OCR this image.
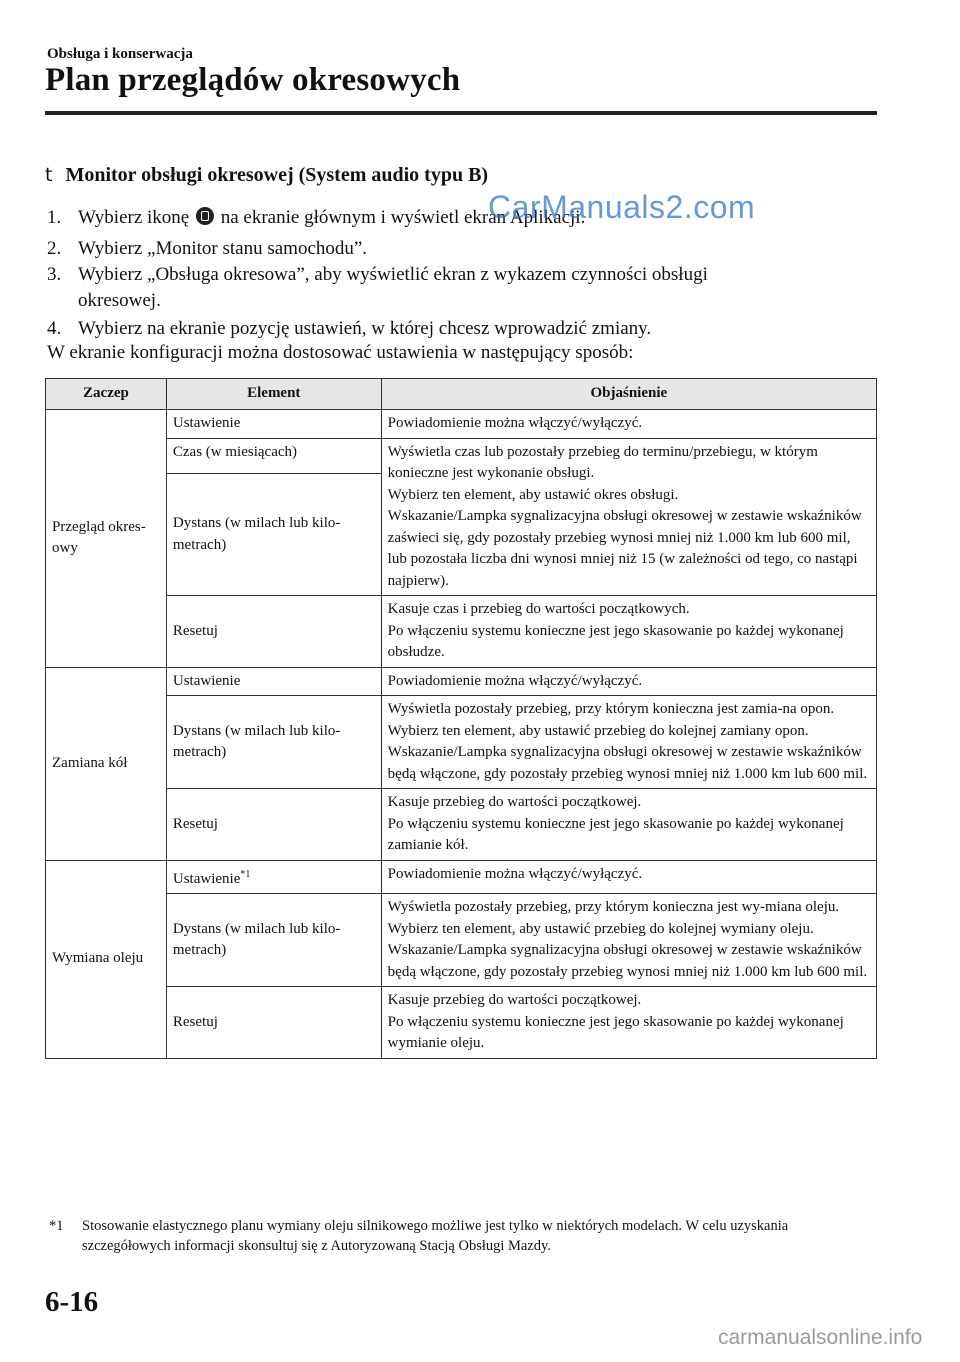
Obsługa i konserwacja
Plan przeglądów okresowych
t Monitor obsługi okresowej (System audio typu B)
1. Wybierz ikonę  na ekranie głównym i wyświetl ekran Aplikacji.
2. Wybierz „Monitor stanu samochodu”.
3. Wybierz „Obsługa okresowa”, aby wyświetlić ekran z wykazem czynności obsługi
okresowej.
4. Wybierz na ekranie pozycję ustawień, w której chcesz wprowadzić zmiany.
CarManuals2.com
W ekranie konfiguracji można dostosować ustawienia w następujący sposób:
Zaczep	Element	Objaśnienie
Przegląd okres-owy	Ustawienie	Powiadomienie można włączyć/wyłączyć.
	Czas (w miesiącach)	Wyświetla czas lub pozostały przebieg do terminu/przebiegu, w którym konieczne jest wykonanie obsługi.
Wybierz ten element, aby ustawić okres obsługi.
Wskazanie/Lampka sygnalizacyjna obsługi okresowej w zestawie wskaźników zaświeci się, gdy pozostały przebieg wynosi mniej niż 1.000 km lub 600 mil, lub pozostała liczba dni wynosi mniej niż 15 (w zależności od tego, co nastąpi najpierw).
	Dystans (w milach lub kilo-metrach)	
	Resetuj	Kasuje czas i przebieg do wartości początkowych.
Po włączeniu systemu konieczne jest jego skasowanie po każdej wykonanej obsłudze.
Zamiana kół	Ustawienie	Powiadomienie można włączyć/wyłączyć.
	Dystans (w milach lub kilo-metrach)	Wyświetla pozostały przebieg, przy którym konieczna jest zamia-na opon.
Wybierz ten element, aby ustawić przebieg do kolejnej zamiany opon.
Wskazanie/Lampka sygnalizacyjna obsługi okresowej w zestawie wskaźników będą włączone, gdy pozostały przebieg wynosi mniej niż 1.000 km lub 600 mil.
	Resetuj	Kasuje przebieg do wartości początkowej.
Po włączeniu systemu konieczne jest jego skasowanie po każdej wykonanej zamianie kół.
Wymiana oleju	Ustawienie$^{*1}$	Powiadomienie można włączyć/wyłączyć.
	Dystans (w milach lub kilo-metrach)	Wyświetla pozostały przebieg, przy którym konieczna jest wy-miana oleju.
Wybierz ten element, aby ustawić przebieg do kolejnej wymiany oleju.
Wskazanie/Lampka sygnalizacyjna obsługi okresowej w zestawie wskaźników będą włączone, gdy pozostały przebieg wynosi mniej niż 1.000 km lub 600 mil.
	Resetuj	Kasuje przebieg do wartości początkowej.
Po włączeniu systemu konieczne jest jego skasowanie po każdej wykonanej wymianie oleju.
*1	Stosowanie elastycznego planu wymiany oleju silnikowego możliwe jest tylko w niektórych modelach. W celu uzyskania szczegółowych informacji skonsultuj się z Autoryzowaną Stacją Obsługi Mazdy.
6-16
carmanualsonline.info
